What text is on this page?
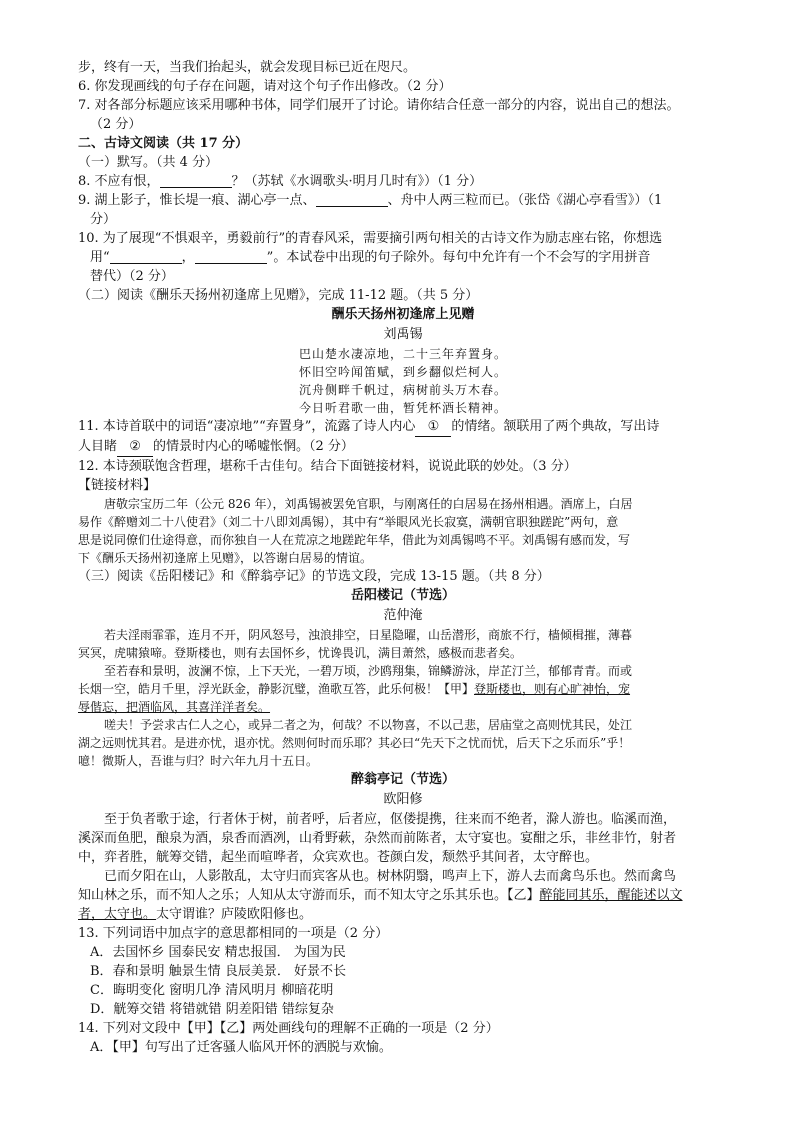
步，终有一天，当我们抬起头，就会发现目标已近在咫尺。
6. 你发现画线的句子存在问题，请对这个句子作出修改。（2 分）
7. 对各部分标题应该采用哪种书体，同学们展开了讨论。请你结合任意一部分的内容，说出自己的想法。
（2 分）
二、古诗文阅读（共 17 分）
（一）默写。（共 4 分）
8. 不应有恨，	？（苏轼《水调歌头·明月几时有》）（1 分）
9. 湖上影子，惟长堤一痕、湖心亭一点、	、舟中人两三粒而已。（张岱《湖心亭看雪》）（1
分）
10. 为了展现“不惧艰辛，勇毅前行”的青春风采，需要摘引两句相关的古诗文作为励志座右铭，你想选
用“	，	”。本试卷中出现的句子除外。每句中允许有一个不会写的字用拼音
替代）（2 分）
（二）阅读《酬乐天扬州初逢席上见赠》，完成 11-12 题。（共 5 分）
酬乐天扬州初逢席上见赠
刘禹锡
巴山楚水凄凉地，二十三年弃置身。
怀旧空吟闻笛赋，到乡翻似烂柯人。
沉舟侧畔千帆过，病树前头万木春。
今日听君歌一曲，暂凭杯酒长精神。
11. 本诗首联中的词语“凄凉地”“弃置身”，流露了诗人内心 ① 的情绪。颔联用了两个典故，写出诗
人目睹 ② 的情景时内心的唏嘘怅惘。（2 分）
12. 本诗颈联饱含哲理，堪称千古佳句。结合下面链接材料，说说此联的妙处。（3 分）
【链接材料】
唐敬宗宝历二年（公元 826 年），刘禹锡被罢免官职，与刚离任的白居易在扬州相遇。酒席上，白居
易作《醉赠刘二十八使君》（刘二十八即刘禹锡），其中有“举眼风光长寂寞，满朝官职独蹉跎”两句，意
思是说同僚们仕途得意，而你独自一人在荒凉之地蹉跎年华，借此为刘禹锡鸣不平。刘禹锡有感而发，写
下《酬乐天扬州初逢席上见赠》，以答谢白居易的情谊。
（三）阅读《岳阳楼记》和《醉翁亭记》的节选文段，完成 13-15 题。（共 8 分）
岳阳楼记（节选）
范仲淹
若夫淫雨霏霏，连月不开，阴风怒号，浊浪排空，日星隐曜，山岳潜形，商旅不行，樯倾楫摧，薄暮
冥冥，虎啸猿啼。登斯楼也，则有去国怀乡，忧谗畏讥，满目萧然，感极而悲者矣。
至若春和景明，波澜不惊，上下天光，一碧万顷，沙鸥翔集，锦鳞游泳，岸芷汀兰，郁郁青青。而或
长烟一空，皓月千里，浮光跃金，静影沉璧，渔歌互答，此乐何极！【甲】登斯楼也，则有心旷神怡，宠
辱偕忘，把酒临风，其喜洋洋者矣。
嗟夫！予尝求古仁人之心，或异二者之为，何哉？不以物喜，不以己悲，居庙堂之高则忧其民，处江
湖之远则忧其君。是进亦忧，退亦忧。然则何时而乐耶？其必曰“先天下之忧而忧，后天下之乐而乐”乎！
噫！微斯人，吾谁与归？时六年九月十五日。
醉翁亭记（节选）
欧阳修
至于负者歌于途，行者休于树，前者呼，后者应，伛偻提携，往来而不绝者，滁人游也。临溪而渔，
溪深而鱼肥，酿泉为酒，泉香而酒冽，山肴野蔌，杂然而前陈者，太守宴也。宴酣之乐，非丝非竹，射者
中，弈者胜，觥筹交错，起坐而喧哗者，众宾欢也。苍颜白发，颓然乎其间者，太守醉也。
已而夕阳在山，人影散乱，太守归而宾客从也。树林阴翳，鸣声上下，游人去而禽鸟乐也。然而禽鸟
知山林之乐，而不知人之乐；人知从太守游而乐，而不知太守之乐其乐也。【乙】醉能同其乐，醒能述以文
者，太守也。太守谓谁？庐陵欧阳修也。
13. 下列词语中加点字的意思都相同的一项是（2 分）
A．去国怀乡 国泰民安 精忠报国． 为国为民
B．春和景明 触景生情 良辰美景． 好景不长
C．晦明变化 窗明几净 清风明月 柳暗花明
D．觥筹交错 将错就错 阴差阳错 错综复杂
14. 下列对文段中【甲】【乙】两处画线句的理解不正确的一项是（2 分）
A．【甲】句写出了迁客骚人临风开怀的洒脱与欢愉。
